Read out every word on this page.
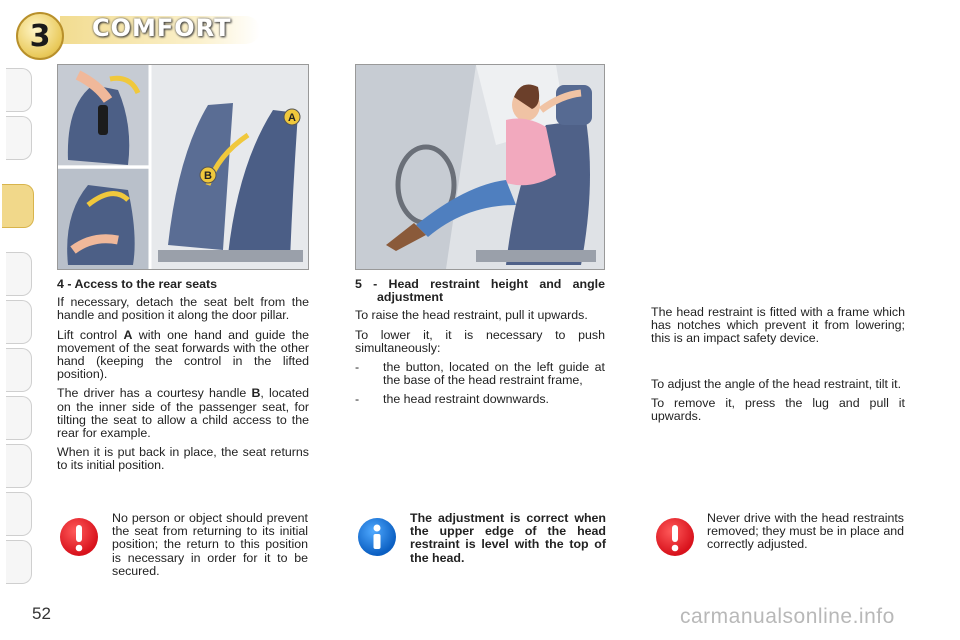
3	COMFORT
A
B
4 - Access to the rear seats

If necessary, detach the seat belt from the handle and position it along the door pillar.

Lift control A with one hand and guide the movement of the seat forwards with the other hand (keeping the control in the lifted position).

The driver has a courtesy handle B, located on the inner side of the passenger seat, for tilting the seat to allow a child access to the rear for example.

When it is put back in place, the seat returns to its initial position.

5 - Head restraint height and angle adjustment

To raise the head restraint, pull it upwards.

To lower it, it is necessary to push simultaneously:

-	the button, located on the left guide at the base of the head restraint frame,
-	the head restraint downwards.

The head restraint is fitted with a frame which has notches which prevent it from lowering; this is an impact safety device.

To adjust the angle of the head restraint, tilt it.

To remove it, press the lug and pull it upwards.

No person or object should prevent the seat from returning to its initial position; the return to this position is necessary in order for it to be secured.
The adjustment is correct when the upper edge of the head restraint is level with the top of the head.
Never drive with the head restraints removed; they must be in place and correctly adjusted.
52	carmanualsonline.info
